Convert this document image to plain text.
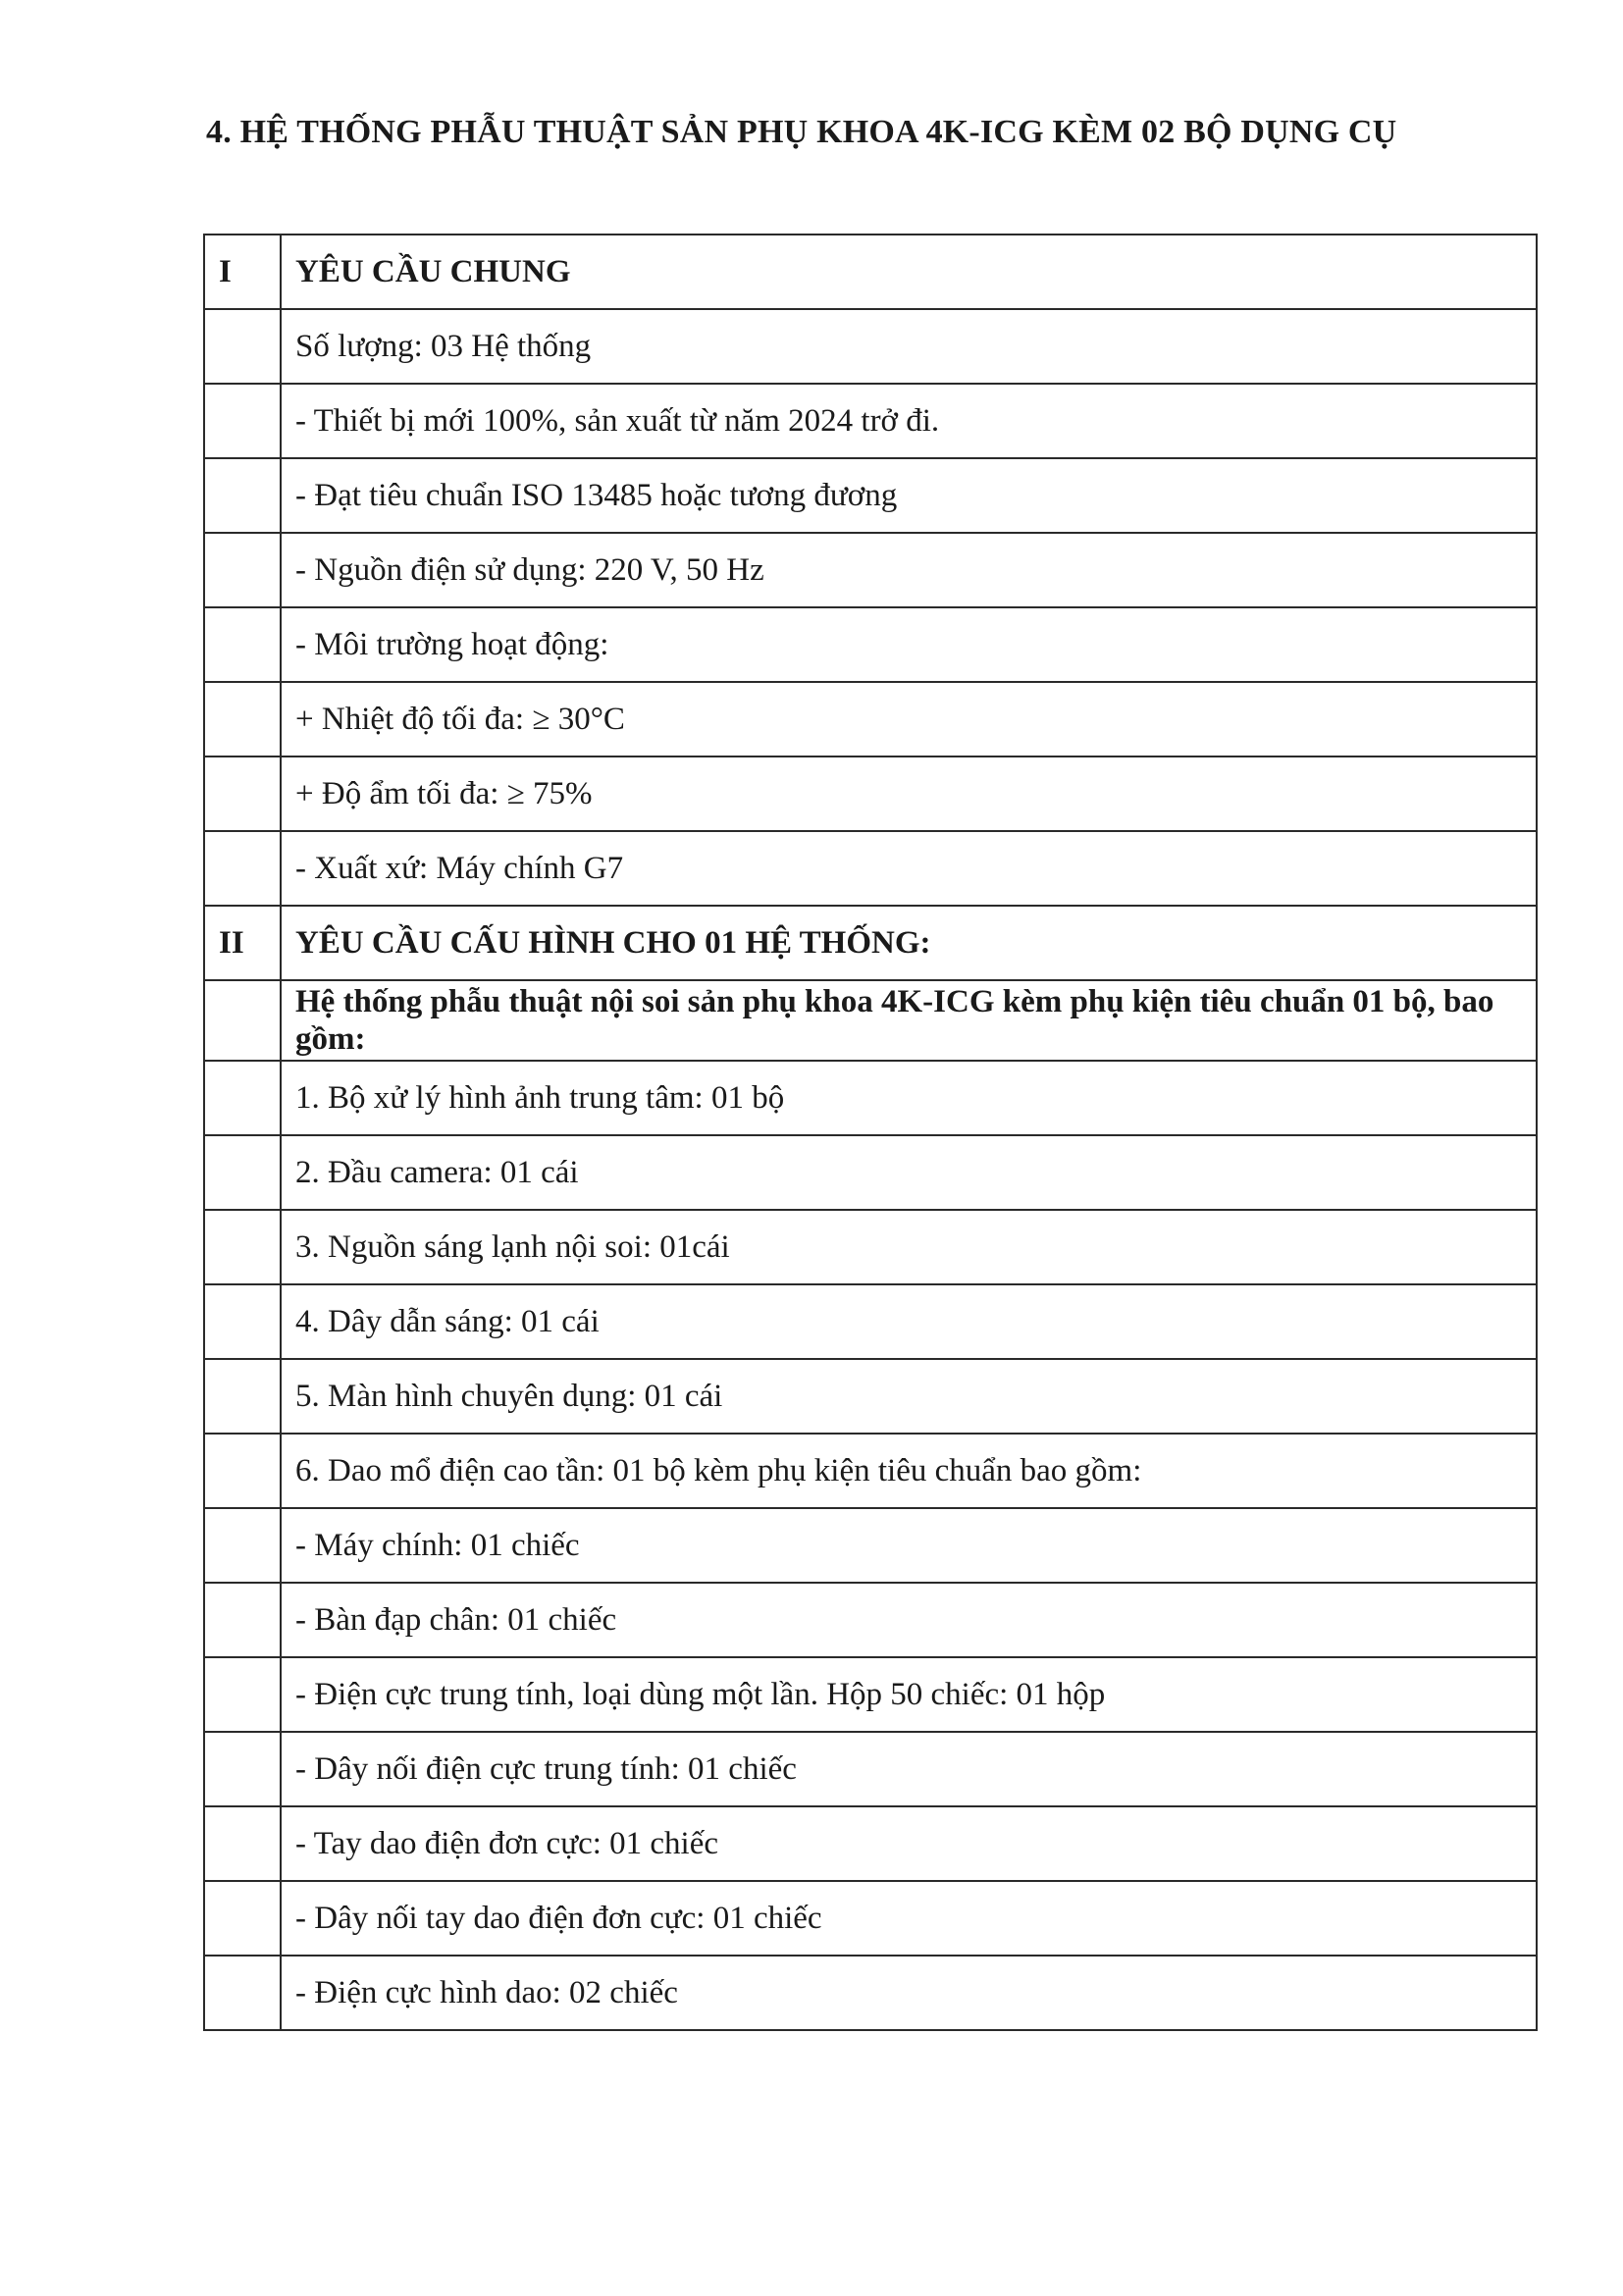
4. HỆ THỐNG PHẪU THUẬT SẢN PHỤ KHOA 4K-ICG KÈM 02 BỘ DỤNG CỤ
I	YÊU CẦU CHUNG
	Số lượng: 03 Hệ thống
	- Thiết bị mới 100%, sản xuất từ năm 2024 trở đi.
	- Đạt tiêu chuẩn ISO 13485 hoặc tương đương
	- Nguồn điện sử dụng: 220 V, 50 Hz
	- Môi trường hoạt động:
	+ Nhiệt độ tối đa: ≥ 30°C
	+ Độ ẩm tối đa: ≥ 75%
	- Xuất xứ: Máy chính G7
II	YÊU CẦU CẤU HÌNH CHO 01 HỆ THỐNG:
	Hệ thống phẫu thuật nội soi sản phụ khoa 4K-ICG kèm phụ kiện tiêu chuẩn 01 bộ, bao gồm:
	1. Bộ xử lý hình ảnh trung tâm: 01 bộ
	2. Đầu camera: 01 cái
	3. Nguồn sáng lạnh nội soi: 01cái
	4. Dây dẫn sáng: 01 cái
	5. Màn hình chuyên dụng: 01 cái
	6. Dao mổ điện cao tần: 01 bộ kèm phụ kiện tiêu chuẩn bao gồm:
	- Máy chính: 01 chiếc
	- Bàn đạp chân: 01 chiếc
	- Điện cực trung tính, loại dùng một lần. Hộp 50 chiếc: 01 hộp
	- Dây nối điện cực trung tính: 01 chiếc
	- Tay dao điện đơn cực: 01 chiếc
	- Dây nối tay dao điện đơn cực: 01 chiếc
	- Điện cực hình dao: 02 chiếc
